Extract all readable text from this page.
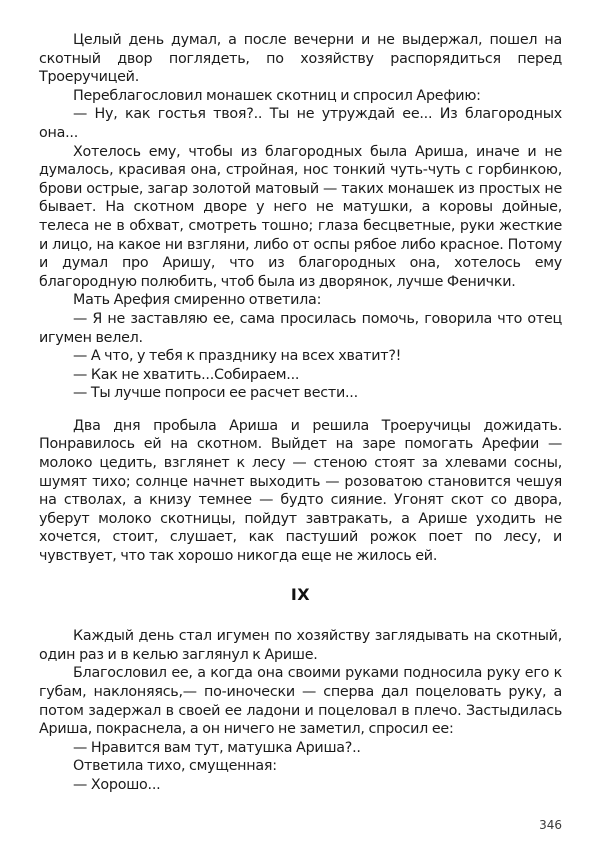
Целый день думал, а после вечерни и не выдержал, пошел на скотный двор поглядеть, по хозяйству распорядиться перед Троеручицей.

Переблагословил монашек скотниц и спросил Арефию:

— Ну, как гостья твоя?.. Ты не утруждай ее... Из благородных она...

Хотелось ему, чтобы из благородных была Ариша, иначе и не думалось, красивая она, стройная, нос тонкий чуть-чуть с горбинкою, брови острые, загар золотой матовый — таких монашек из простых не бывает. На скотном дворе у него не матушки, а коровы дойные, телеса не в обхват, смотреть тошно; глаза бесцветные, руки жесткие и лицо, на какое ни взгляни, либо от оспы рябое либо красное. Потому и думал про Аришу, что из благородных она, хотелось ему благородную полюбить, чтоб была из дворянок, лучше Фенички.

Мать Арефия смиренно ответила:

— Я не заставляю ее, сама просилась помочь, говорила что отец игумен велел.

— А что, у тебя к празднику на всех хватит?!

— Как не хватить...Собираем...

— Ты лучше попроси ее расчет вести...

Два дня пробыла Ариша и решила Троеручицы дожидать. Понравилось ей на скотном. Выйдет на заре помогать Арефии — молоко цедить, взглянет к лесу — стеною стоят за хлевами сосны, шумят тихо; солнце начнет выходить — розоватою становится чешуя на стволах, а книзу темнее — будто сияние. Угонят скот со двора, уберут молоко скотницы, пойдут завтракать, а Арише уходить не хочется, стоит, слушает, как пастуший рожок поет по лесу, и чувствует, что так хорошо никогда еще не жилось ей.

IX

Каждый день стал игумен по хозяйству заглядывать на скотный, один раз и в келью заглянул к Арише.

Благословил ее, а когда она своими руками подносила руку его к губам, наклоняясь,— по-иночески — сперва дал поцеловать руку, а потом задержал в своей ее ладони и поцеловал в плечо. Застыдилась Ариша, покраснела, а он ничего не заметил, спросил ее:

— Нравится вам тут, матушка Ариша?..

Ответила тихо, смущенная:

— Хорошо...

346
